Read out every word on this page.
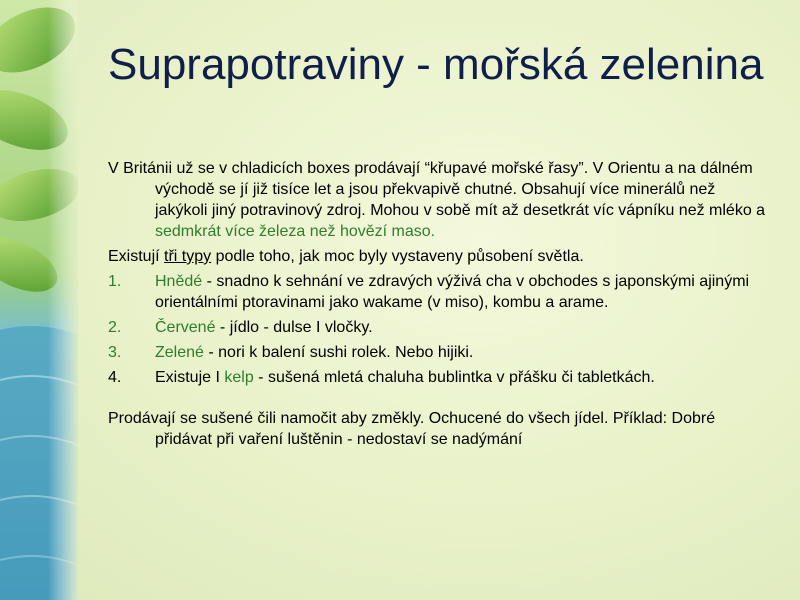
Suprapotraviny - mořská zelenina

V Británii už se v chladicích boxes prodávají “křupavé mořské řasy”. V Orientu a na dálném východě se jí již tisíce let a jsou překvapivě chutné. Obsahují více minerálů než jakýkoli jiný potravinový zdroj. Mohou v sobě mít až desetkrát víc vápníku než mléko a sedmkrát více železa než hovězí maso.

Existují tři typy podle toho, jak moc byly vystaveny působení světla.

1. Hnědé - snadno k sehnání ve zdravých výživá cha v obchodes s japonskými ajinými orientálními ptoravinami jako wakame (v miso), kombu a arame.
2. Červené - jídlo - dulse I vločky.
3. Zelené - nori k balení sushi rolek. Nebo hijiki.
4. Existuje I kelp - sušená mletá chaluha bublintka v přášku či tabletkách.

Prodávají se sušené čili namočit aby změkly. Ochucené do všech jídel. Příklad: Dobré přidávat při vaření luštěnin - nedostaví se nadýmání
